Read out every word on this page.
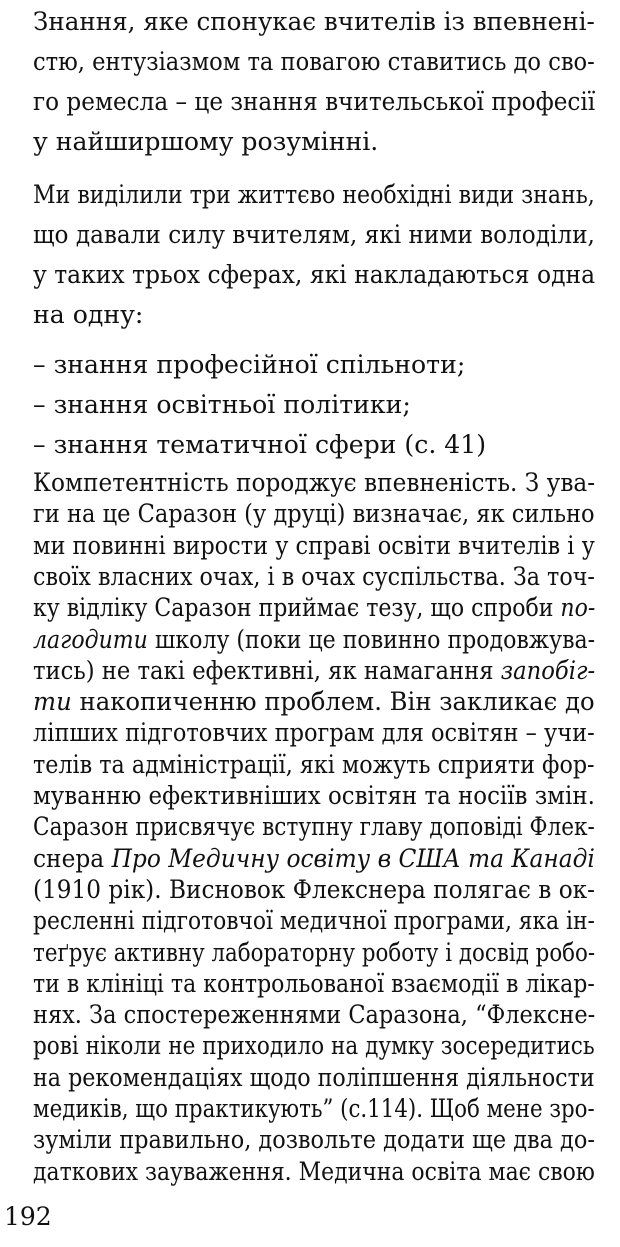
Знання, яке спонукає вчителів із впевнені-
стю, ентузіазмом та повагою ставитись до сво-
го ремесла – це знання вчительської професії
у найширшому розумінні.
Ми виділили три життєво необхідні види знань,
що давали силу вчителям, які ними володіли,
у таких трьох сферах, які накладаються одна
на одну:
– знання професійної спільноти;
– знання освітньої політики;
– знання тематичної сфери (с. 41)
Компетентність породжує впевненість. З ува-
ги на це Саразон (у друці) визначає, як сильно
ми повинні вирости у справі освіти вчителів і у
своїх власних очах, і в очах суспільства. За точ-
ку відліку Саразон приймає тезу, що спроби по-
лагодити школу (поки це повинно продовжува-
тись) не такі ефективні, як намагання запобіг-
ти накопиченню проблем. Він закликає до
ліпших підготовчих програм для освітян – учи-
телів та адміністрації, які можуть сприяти фор-
муванню ефективніших освітян та носіїв змін.
Саразон присвячує вступну главу доповіді Флек-
снера Про Медичну освіту в США та Канаді
(1910 рік). Висновок Флекснера полягає в ок-
ресленні підготовчої медичної програми, яка ін-
теґрує активну лабораторну роботу і досвід робо-
ти в клініці та контрольованої взаємодії в лікар-
нях. За спостереженнями Саразона, “Флекснe-
рові ніколи не приходило на думку зосередитись
на рекомендаціях щодо поліпшення діяльности
медиків, що практикують” (с.114). Щоб мене зро-
зуміли правильно, дозвольте додати ще два до-
даткових зауваження. Медична освіта має свою
192
